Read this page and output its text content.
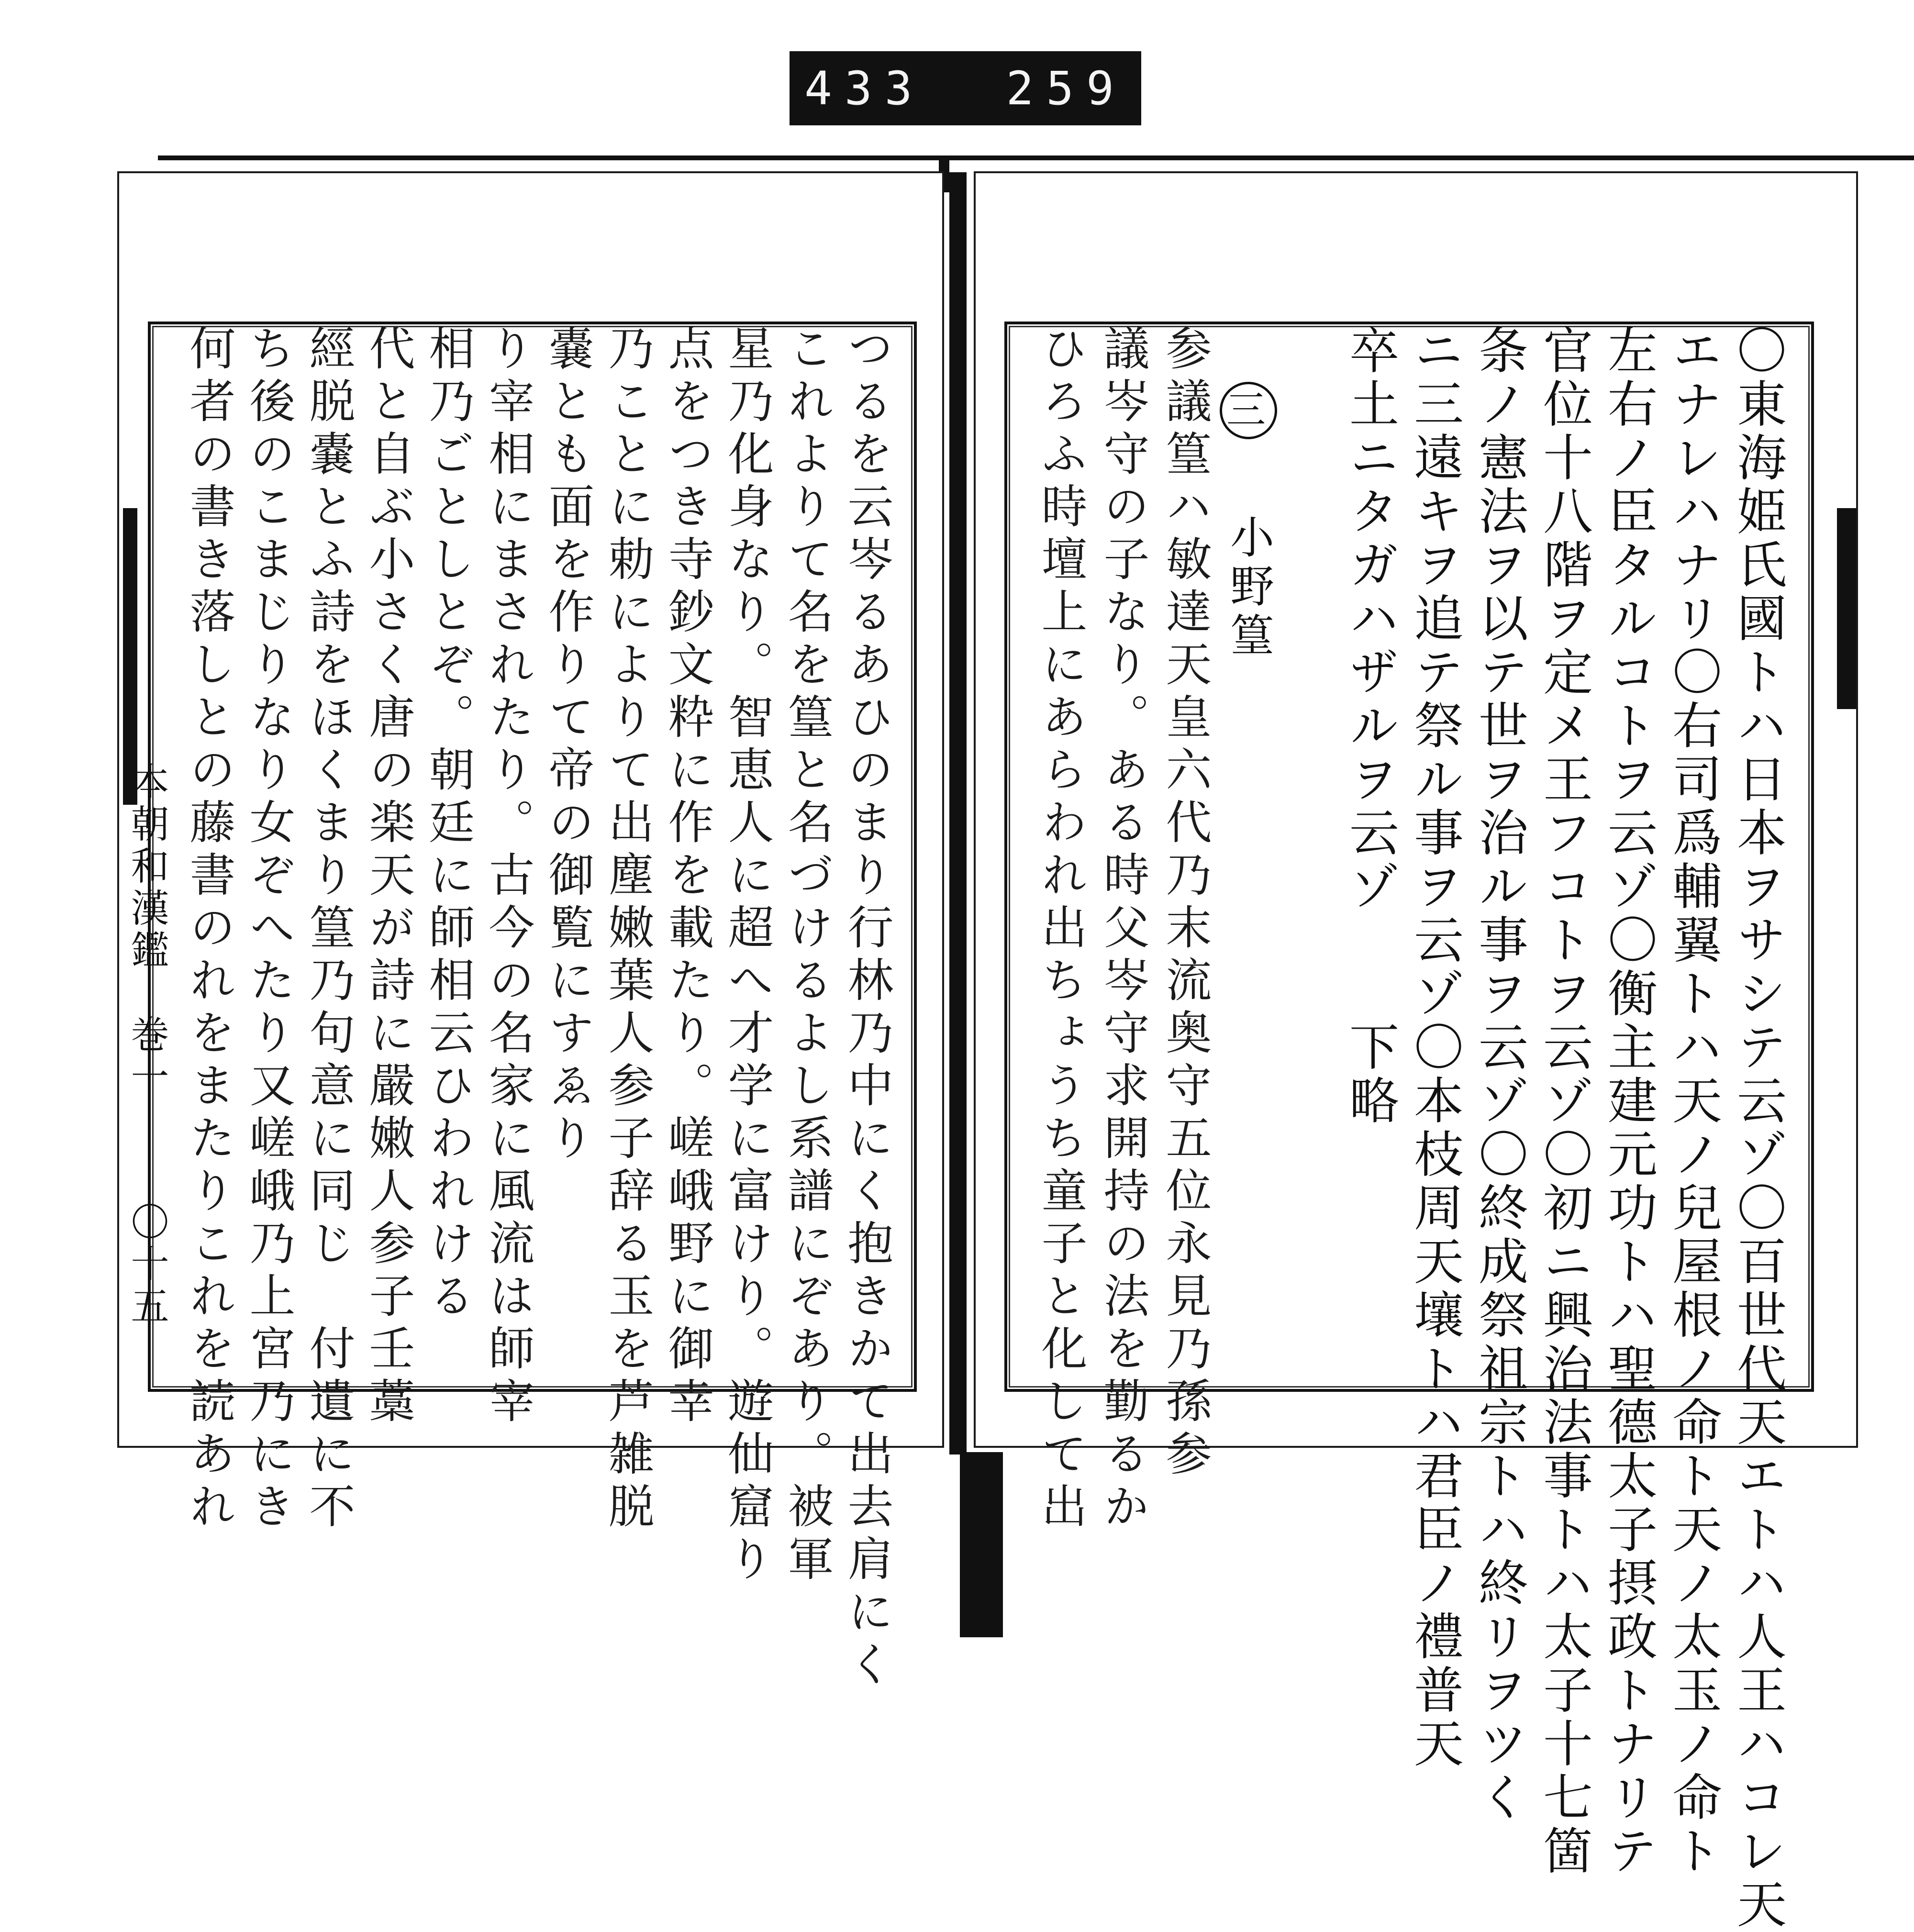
433 259
つるを云岑るあひのまり行林乃中にく抱きかて出去肩にく
これよりて名を篁と名づけるよし系譜にぞあり。被軍
星乃化身なり。智恵人に超へ才学に富けり。遊仙窟り
点をつき寺鈔文粋に作を載たり。嵯峨野に御幸
乃ことに勅によりて出塵嫩葉人参子辞る玉を芦雑脱
嚢とも面を作りて帝の御覧にすゑり
り宰相にまされたり。古今の名家に風流は師宰
相乃ごとしとぞ。朝廷に師相云ひわれける
代と自ぶ小さく唐の楽天が詩に嚴嫩人参子壬藁
經脱嚢とふ詩をほくまり篁乃句意に同じ　付遺に不
ち後のこまじりなり女ぞへたり又嵯峨乃上宮乃にき
何者の書き落しとの藤書のれをまたりこれを読あれ
本朝和漢鑑　巻一
〇十五	〇東海姫氏國トハ日本ヲサシテ云ゾ〇百世代天エトハ人王ハコレ天
エナレハナリ〇右司爲輔翼トハ天ノ兒屋根ノ命ト天ノ太玉ノ命ト
左右ノ臣タルコトヲ云ゾ〇衡主建元功トハ聖德太子摂政トナリテ
官位十八階ヲ定メ王フコトヲ云ゾ〇初ニ興治法事トハ太子十七箇
条ノ憲法ヲ以テ世ヲ治ル事ヲ云ゾ〇終成祭祖宗トハ終リヲツく
ニ三遠キヲ追テ祭ル事ヲ云ゾ〇本枝周天壤トハ君臣ノ禮普天
卒土ニタガハザルヲ云ゾ　　下略
三 小野篁
参議篁ハ敏達天皇六代乃末流奥守五位永見乃孫参
議岑守の子なり。ある時父岑守求開持の法を勤るか
ひろふ時壇上にあらわれ出ちょうち童子と化して出
